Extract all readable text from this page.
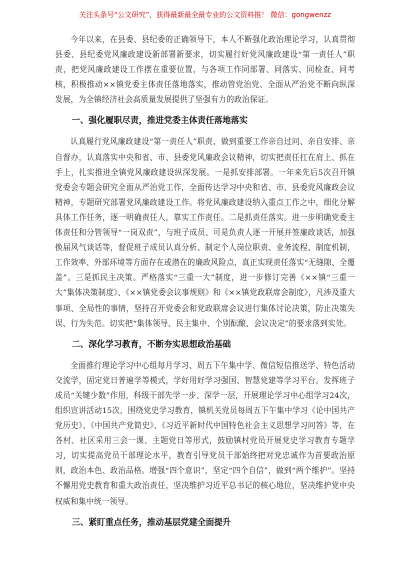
关注头条号“公文研究”，获得最新最全最专业的公文资料推！ 微信：gongwenzz

今年以来，在县委、县纪委的正确领导下，本人不断强化政治理论学习，认真贯彻县委、县纪委党风廉政建设新部署新要求，切实履行好党风廉政建设“第一责任人”职责，把党风廉政建设工作摆在重要位置，与各项工作同部署、同落实、同检查、同考核，积极推动××镇党委主体责任落地落实，推动管党治党、全面从严治党不断向纵深发展，为全镇经济社会高质量发展提供了坚强有力的政治保证。

一、强化履职尽责，推进党委主体责任落地落实

认真履行党风廉政建设“第一责任人”职责，做到重要工作亲自过问、亲自安排、亲自督办，认真落实中央和省、市、县委党风廉政会议精神，切实把责任扛在肩上、抓在手上，扎实推进全镇党风廉政建设纵深发展。一是抓安排部署。一年来先后5次召开镇党委会专题会研究全面从严治党工作，全面传达学习中央和省、市、县委党风廉政会议精神，专题研究部署党风廉政建设工作。将党风廉政建设纳入重点工作之中，细化分解具体工作任务，逐一明确责任人，靠实工作责任。二是抓责任落实。进一步明确党委主体责任和分管领导“一岗双责”，与班子成员、可是负责人逐一开展并签廉政谈话，加强换届风气谈话等，督促班子成员认真分析、制定个人岗位职责、业务流程、制度机制，工作效率、外部环境等方面存在或潜在的廉政风险点，真正实现责任落实“无缝隙、全覆盖”。三是抓民主决策。严格落实“三重一大”制度，进一步修订完善《××镇“三重一大”集体决策制度》、《××镇党委会议事规则》和《××镇党政联席会制度》，凡涉及重大事项、全局性的事情，坚持召开党委会和党政联席会议进行集体讨论决策，防止决策失误、行为失范。切实把“集体领导、民主集中、个别酝酿、会议决定”的要求落到实处。

二、深化学习教育，不断夯实思想政治基础

全面推行理论学习中心组每月学习、周五下午集中学、微信短信推送学、特色活动交流学，固定党日普遍学等模式，学好用好学习强国、智慧党建等学习平台。发挥班子成员“关键少数”作用，科级干部先学一步、深学一层，开展理论学习中心组学习24次，组织宣讲活动15次，围绕党史学习教育，镇机关党员每周五下午集中学习《论中国共产党历史》、《中国共产党简史》、《习近平新时代中国特色社会主义思想学习问答》等，在各村、社区采用三会一课、主题党日等形式，鼓励镇村党员开展党史学习教育专题学习，切实提高党员干部理论水平，教育引导党员干部始终把对党忠诚作为首要政治原则，政治本色、政治品格。增强“四个意识”，坚定“四个自信”，做到“两个维护”。坚持不懈用党史教育和重大政治责任，坚决维护习近平总书记的核心地位，坚决维护党中央权威和集中统一领导。

三、紧盯重点任务，推动基层党建全面提升
